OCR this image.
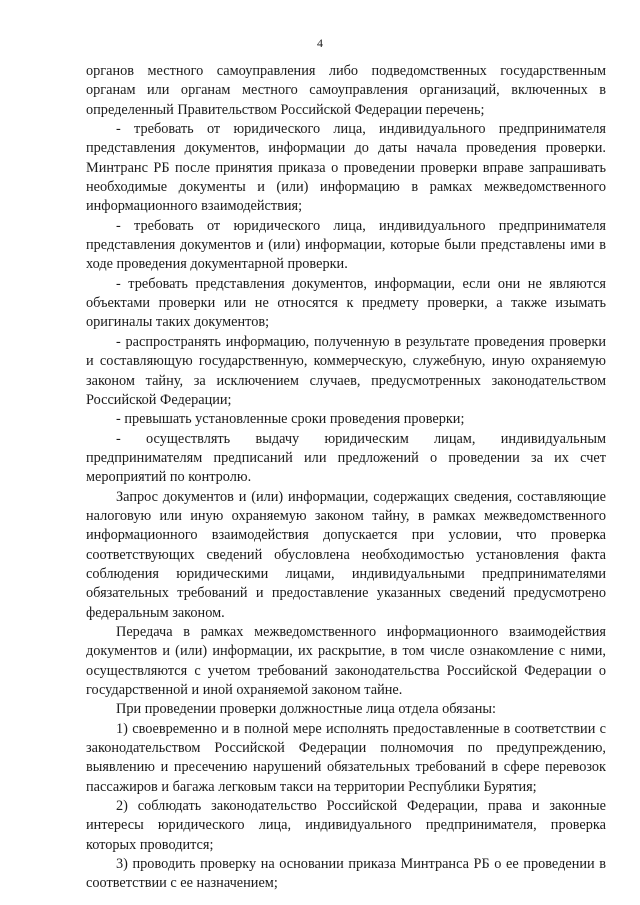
4

органов местного самоуправления либо подведомственных государственным органам или органам местного самоуправления организаций, включенных в определенный Правительством Российской Федерации перечень;

- требовать от юридического лица, индивидуального предпринимателя представления документов, информации до даты начала проведения проверки. Минтранс РБ после принятия приказа о проведении проверки вправе запрашивать необходимые документы и (или) информацию в рамках межведомственного информационного взаимодействия;

- требовать от юридического лица, индивидуального предпринимателя представления документов и (или) информации, которые были представлены ими в ходе проведения документарной проверки.

- требовать представления документов, информации, если они не являются объектами проверки или не относятся к предмету проверки, а также изымать оригиналы таких документов;

- распространять информацию, полученную в результате проведения проверки и составляющую государственную, коммерческую, служебную, иную охраняемую законом тайну, за исключением случаев, предусмотренных законодательством Российской Федерации;

- превышать установленные сроки проведения проверки;

- осуществлять выдачу юридическим лицам, индивидуальным предпринимателям предписаний или предложений о проведении за их счет мероприятий по контролю.

Запрос документов и (или) информации, содержащих сведения, составляющие налоговую или иную охраняемую законом тайну, в рамках межведомственного информационного взаимодействия допускается при условии, что проверка соответствующих сведений обусловлена необходимостью установления факта соблюдения юридическими лицами, индивидуальными предпринимателями обязательных требований и предоставление указанных сведений предусмотрено федеральным законом.

Передача в рамках межведомственного информационного взаимодействия документов и (или) информации, их раскрытие, в том числе ознакомление с ними, осуществляются с учетом требований законодательства Российской Федерации о государственной и иной охраняемой законом тайне.

При проведении проверки должностные лица отдела обязаны:

1) своевременно и в полной мере исполнять предоставленные в соответствии с законодательством Российской Федерации полномочия по предупреждению, выявлению и пресечению нарушений обязательных требований в сфере перевозок пассажиров и багажа легковым такси на территории Республики Бурятия;

2) соблюдать законодательство Российской Федерации, права и законные интересы юридического лица, индивидуального предпринимателя, проверка которых проводится;

3) проводить проверку на основании приказа Минтранса РБ о ее проведении в соответствии с ее назначением;
